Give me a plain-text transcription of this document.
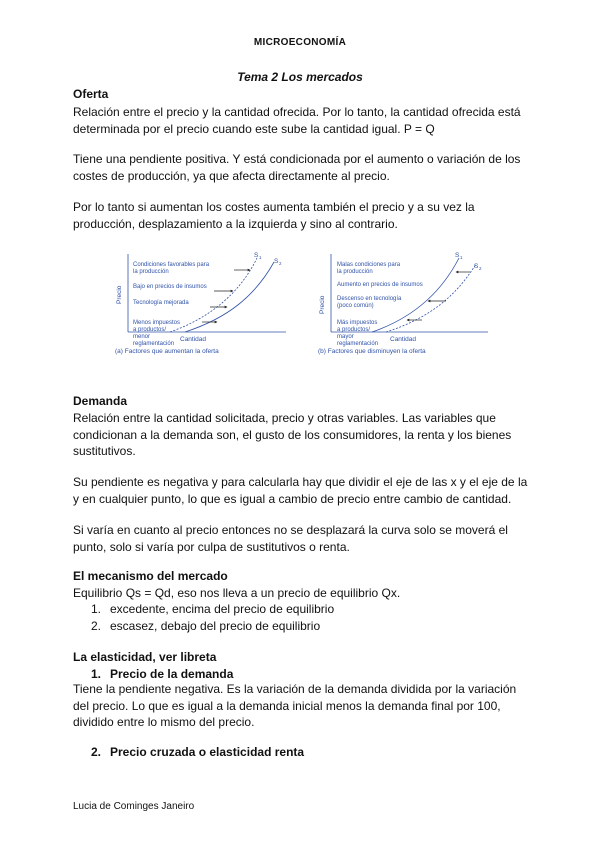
MICROECONOMÍA
Tema 2 Los mercados
Oferta

Relación entre el precio y la cantidad ofrecida. Por lo tanto, la cantidad ofrecida está determinada por el precio cuando este sube la cantidad igual. P = Q

Tiene una pendiente positiva. Y está condicionada por el aumento o variación de los costes de producción, ya que afecta directamente al precio.

Por lo tanto si aumentan los costes aumenta también el precio y a su vez la producción, desplazamiento a la izquierda y sino al contrario.

Precio
Cantidad
(a) Factores que aumentan la oferta
S 1
S 2
Condiciones favorables para
la producción
Bajo en precios de insumos
Tecnología mejorada
Menos impuestos
a productos/
menor
reglamentación
Precio
Cantidad
(b) Factores que disminuyen la oferta
S 1
S 2
Malas condiciones para
la producción
Aumento en precios de insumos
Descenso en tecnología
(poco común)
Más impuestos
a productos/
mayor
reglamentación
Demanda

Relación entre la cantidad solicitada, precio y otras variables. Las variables que condicionan a la demanda son, el gusto de los consumidores, la renta y los bienes sustitutivos.

Su pendiente es negativa y para calcularla hay que dividir el eje de las x y el eje de la y en cualquier punto, lo que es igual a cambio de precio entre cambio de cantidad.

Si varía en cuanto al precio entonces no se desplazará la curva solo se moverá el punto, solo si varía por culpa de sustitutivos o renta.

El mecanismo del mercado

Equilibrio Qs = Qd, eso nos lleva a un precio de equilibrio Qx.

1. excedente, encima del precio de equilibrio
2. escasez, debajo del precio de equilibrio
La elasticidad, ver libreta
1. Precio de la demanda

Tiene la pendiente negativa. Es la variación de la demanda dividida por la variación del precio. Lo que es igual a la demanda inicial menos la demanda final por 100, dividido entre lo mismo del precio.

2. Precio cruzada o elasticidad renta
Lucia de Cominges Janeiro
